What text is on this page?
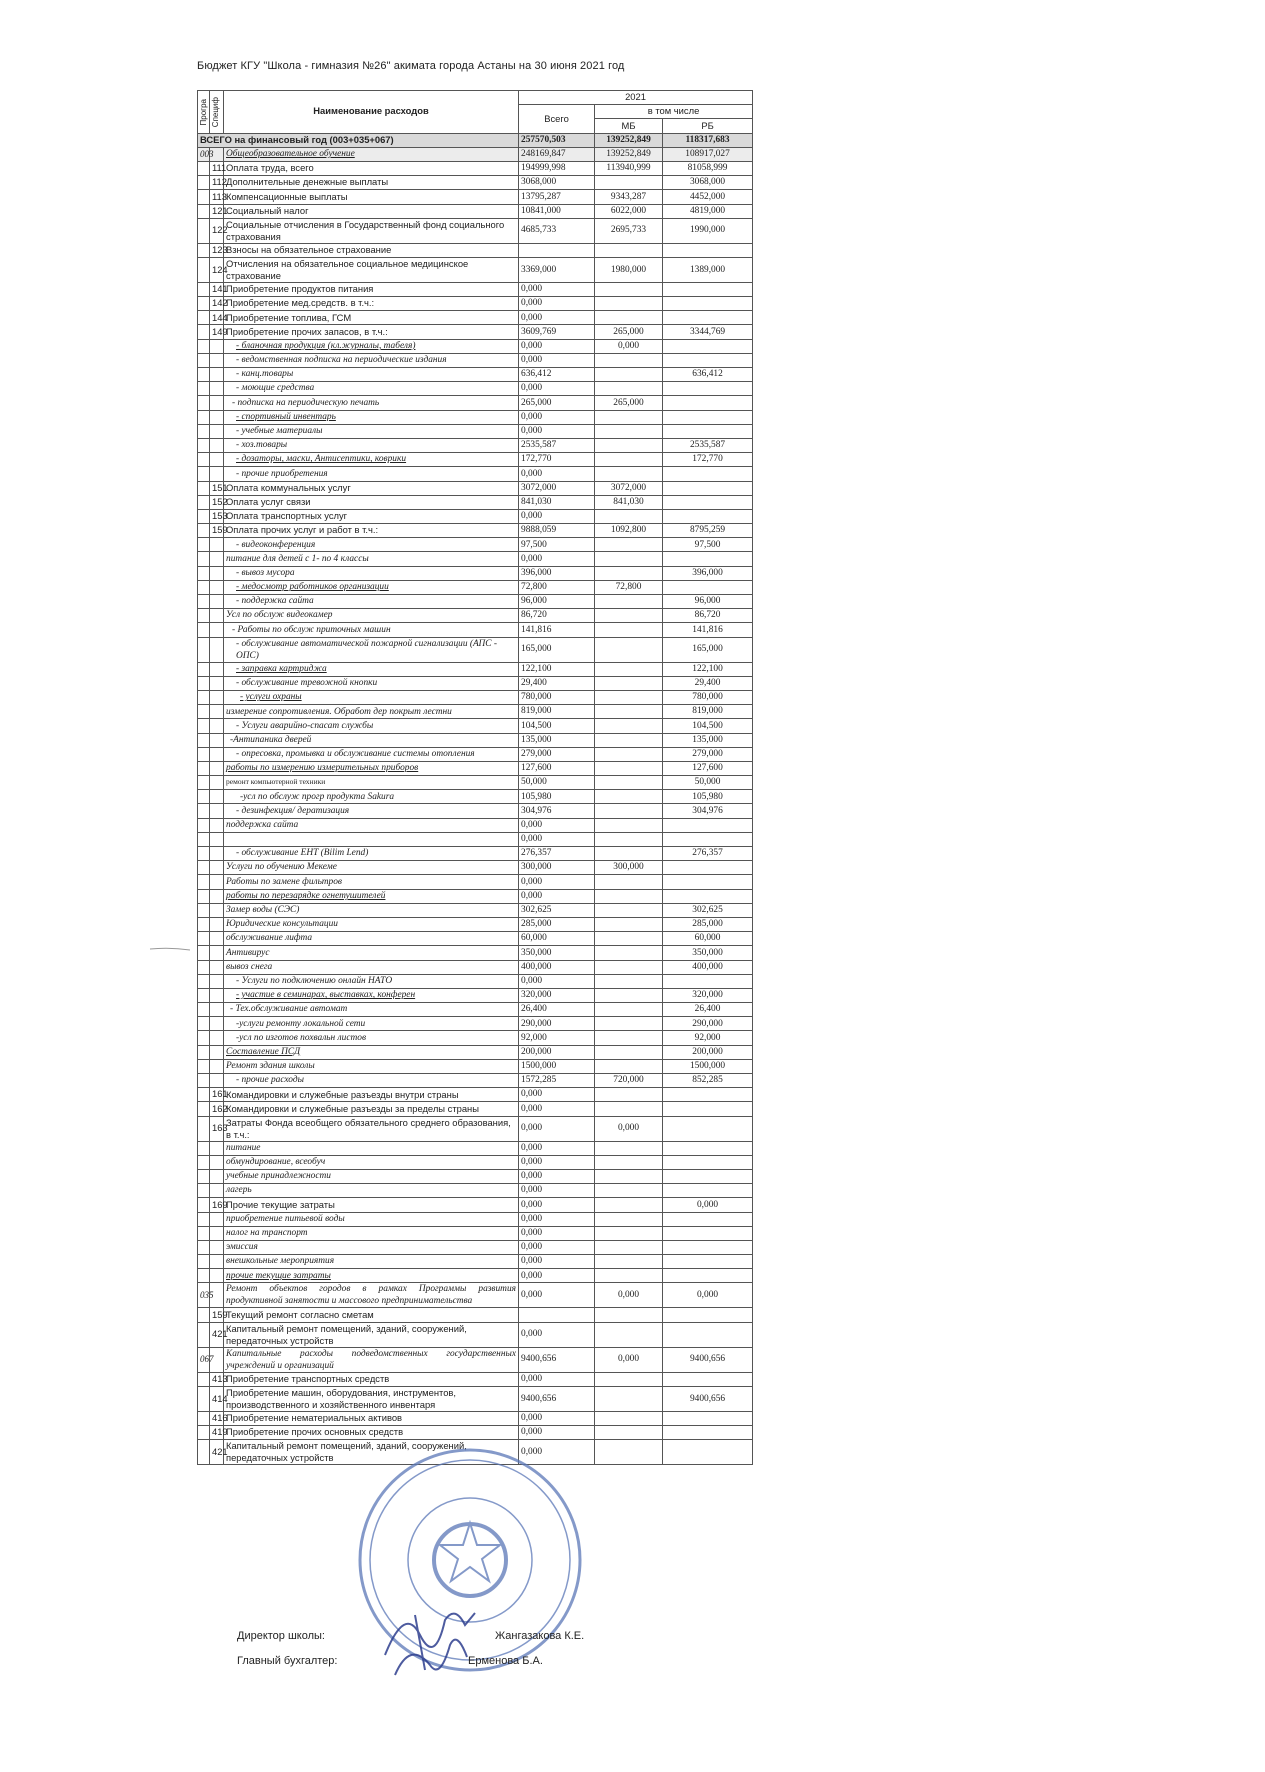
Бюджет КГУ "Школа - гимназия №26" акимата города Астаны на 30 июня 2021 год
Програ	Специф	Наименование расходов	2021		
			Всего	в том числе	
				МБ	РБ
ВСЕГО на финансовый год (003+035+067)			257570,503	139252,849	118317,683
003		Общеобразовательное обучение	248169,847	139252,849	108917,027
	111	Оплата труда, всего	194999,998	113940,999	81058,999
	112	Дополнительные денежные выплаты	3068,000		3068,000
	113	Компенсационные выплаты	13795,287	9343,287	4452,000
	121	Социальный налог	10841,000	6022,000	4819,000
	122	Социальные отчисления в Государственный фонд социального страхования	4685,733	2695,733	1990,000
	123	Взносы на обязательное страхование			
	124	Отчисления на обязательное социальное медицинское страхование	3369,000	1980,000	1389,000
	141	Приобретение продуктов питания	0,000		
	142	Приобретение мед.средств. в т.ч.:	0,000		
	144	Приобретение топлива, ГСМ	0,000		
	149	Приобретение прочих запасов, в т.ч.:	3609,769	265,000	3344,769
		- бланочная продукция (кл.журналы, табеля)	0,000	0,000	
		- ведомственная подписка на периодические издания	0,000		
		- канц.товары	636,412		636,412
		- моющие средства	0,000		
		- подписка на периодическую печать	265,000	265,000	
		- спортивный инвентарь	0,000		
		- учебные материалы	0,000		
		- хоз.товары	2535,587		2535,587
		- дозаторы, маски, Антисептики, коврики	172,770		172,770
		- прочие приобретения	0,000		
	151	Оплата коммунальных услуг	3072,000	3072,000	
	152	Оплата услуг связи	841,030	841,030	
	153	Оплата транспортных услуг	0,000		
	159	Оплата прочих услуг и работ в т.ч.:	9888,059	1092,800	8795,259
		- видеоконференция	97,500		97,500
		питание для детей с 1- по 4 классы	0,000		
		- вывоз мусора	396,000		396,000
		- медосмотр работников организации	72,800	72,800	
		- поддержка сайта	96,000		96,000
		Усл по обслуж видеокамер	86,720		86,720
		- Работы по обслуж приточных машин	141,816		141,816
		- обслуживание автоматической пожарной сигнализации (АПС - ОПС)	165,000		165,000
		- заправка картриджа	122,100		122,100
		- обслуживание тревожной кнопки	29,400		29,400
		- услуги охраны	780,000		780,000
		измерение сопротивления. Обработ дер покрыт лестни	819,000		819,000
		- Услуги аварийно-спасат службы	104,500		104,500
		-Антипаника дверей	135,000		135,000
		- опресовка, промывка и обслуживание системы отопления	279,000		279,000
		работы по измерению измерительных приборов	127,600		127,600
		ремонт компьютерной техники	50,000		50,000
		-усл по обслуж прогр продукта Sakura	105,980		105,980
		- дезинфекция/ дератизация	304,976		304,976
		поддержка сайта	0,000		
			0,000		
		- обслуживание ЕНТ (Bilim Lend)	276,357		276,357
		Услуги по обучению Мекеме	300,000	300,000	
		Работы по замене фильтров	0,000		
		работы по перезарядке огнетушителей	0,000		
		Замер воды (СЭС)	302,625		302,625
		Юридические консультации	285,000		285,000
		обслуживание лифта	60,000		60,000
		Антивирус	350,000		350,000
		вывоз снега	400,000		400,000
		- Услуги по подключению онлайн НАТО	0,000		
		- участие в семинарах, выставках, конферен	320,000		320,000
		- Тех.обслуживание автомат	26,400		26,400
		-услуги ремонту локальной сети	290,000		290,000
		-усл по изготов похвальн листов	92,000		92,000
		Составление ПСД	200,000		200,000
		Ремонт здания школы	1500,000		1500,000
		- прочие расходы	1572,285	720,000	852,285
	161	Командировки и служебные разъезды внутри страны	0,000		
	162	Командировки и служебные разъезды за пределы страны	0,000		
	163	Затраты Фонда всеобщего обязательного среднего образования, в т.ч.:	0,000	0,000	
		питание	0,000		
		обмундирование, всеобуч	0,000		
		учебные принадлежности	0,000		
		лагерь	0,000		
	169	Прочие текущие затраты	0,000		0,000
		приобретение питьевой воды	0,000		
		налог на транспорт	0,000		
		эмиссия	0,000		
		внешкольные мероприятия	0,000		
		прочие текущие затраты	0,000		
035		Ремонт объектов городов в рамках Программы развития продуктивной занятости и массового предпринимательства	0,000	0,000	0,000
	159	Текущий ремонт согласно сметам			
	421	Капитальный ремонт помещений, зданий, сооружений, передаточных устройств	0,000		
067		Капитальные расходы подведомственных государственных учреждений и организаций	9400,656	0,000	9400,656
	413	Приобретение транспортных средств	0,000		
	414	Приобретение машин, оборудования, инструментов, производственного и хозяйственного инвентаря	9400,656		9400,656
	416	Приобретение нематериальных активов	0,000		
	419	Приобретение прочих основных средств	0,000		
	421	Капитальный ремонт помещений, зданий, сооружений, передаточных устройств	0,000		
Директор школы:	Жангазакова К.Е.
Главный бухгалтер:	Ерменова Б.А.
